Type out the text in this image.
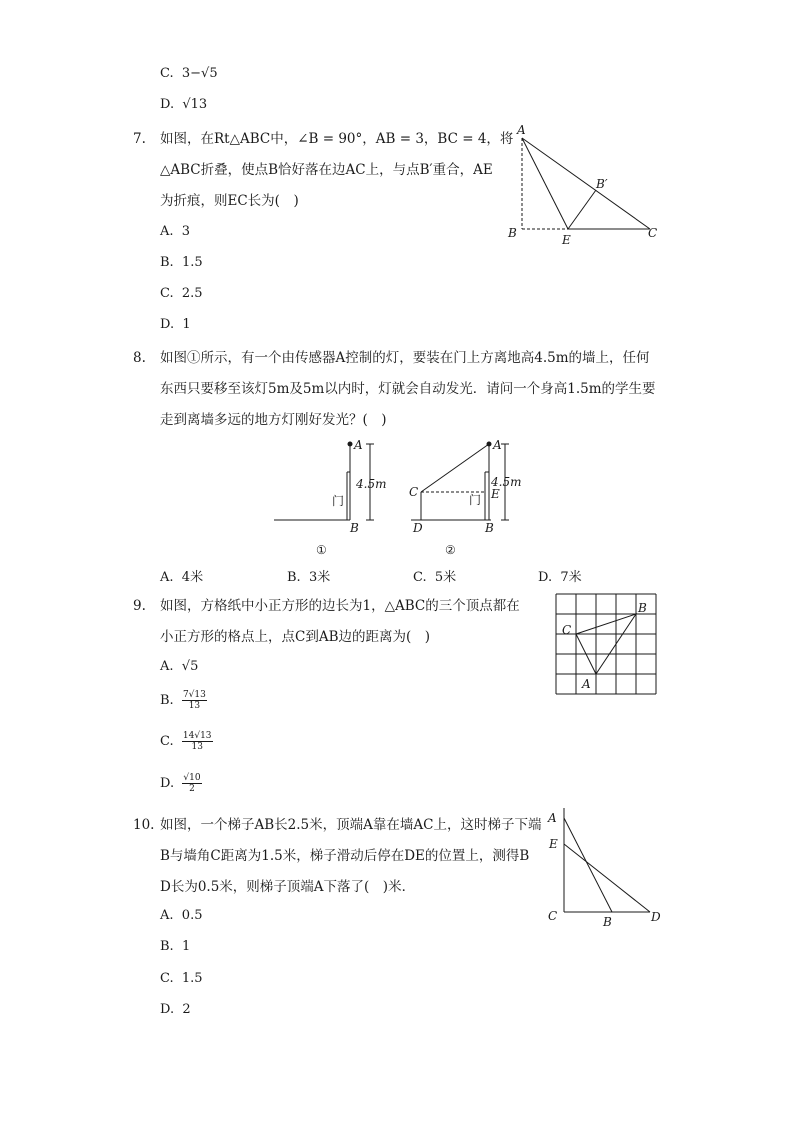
C. 3−√5
D. √13
7. 如图，在Rt△ABC中，∠B = 90°，AB = 3，BC = 4，将
△ABC折叠，使点B恰好落在边AC上，与点B′重合，AE
为折痕，则EC长为(　)
A. 3
B. 1.5
C. 2.5
D. 1
A
B	E	C
B′
8. 如图①所示，有一个由传感器A控制的灯，要装在门上方离地高4.5m的墙上，任何
东西只要移至该灯5m及5m以内时，灯就会自动发光．请问一个身高1.5m的学生要
走到离墙多远的地方灯刚好发光？(　)
A
B
4.5m
门
①
A
B
C
D
E
4.5m
门
②
A. 4米	B. 3米	C. 5米	D. 7米
9. 如图，方格纸中小正方形的边长为1，△ABC的三个顶点都在
小正方形的格点上，点C到AB边的距离为(　)
A. √5
B. $\frac{7√13}{13}$
C. $\frac{14√13}{13}$
D. $\frac{√10}{2}$
B
C
A
10. 如图，一个梯子AB长2.5米，顶端A靠在墙AC上，这时梯子下端
B与墙角C距离为1.5米，梯子滑动后停在DE的位置上，测得B
D长为0.5米，则梯子顶端A下落了(　)米．
A. 0.5
B. 1
C. 1.5
D. 2
A
E
C	B	D
